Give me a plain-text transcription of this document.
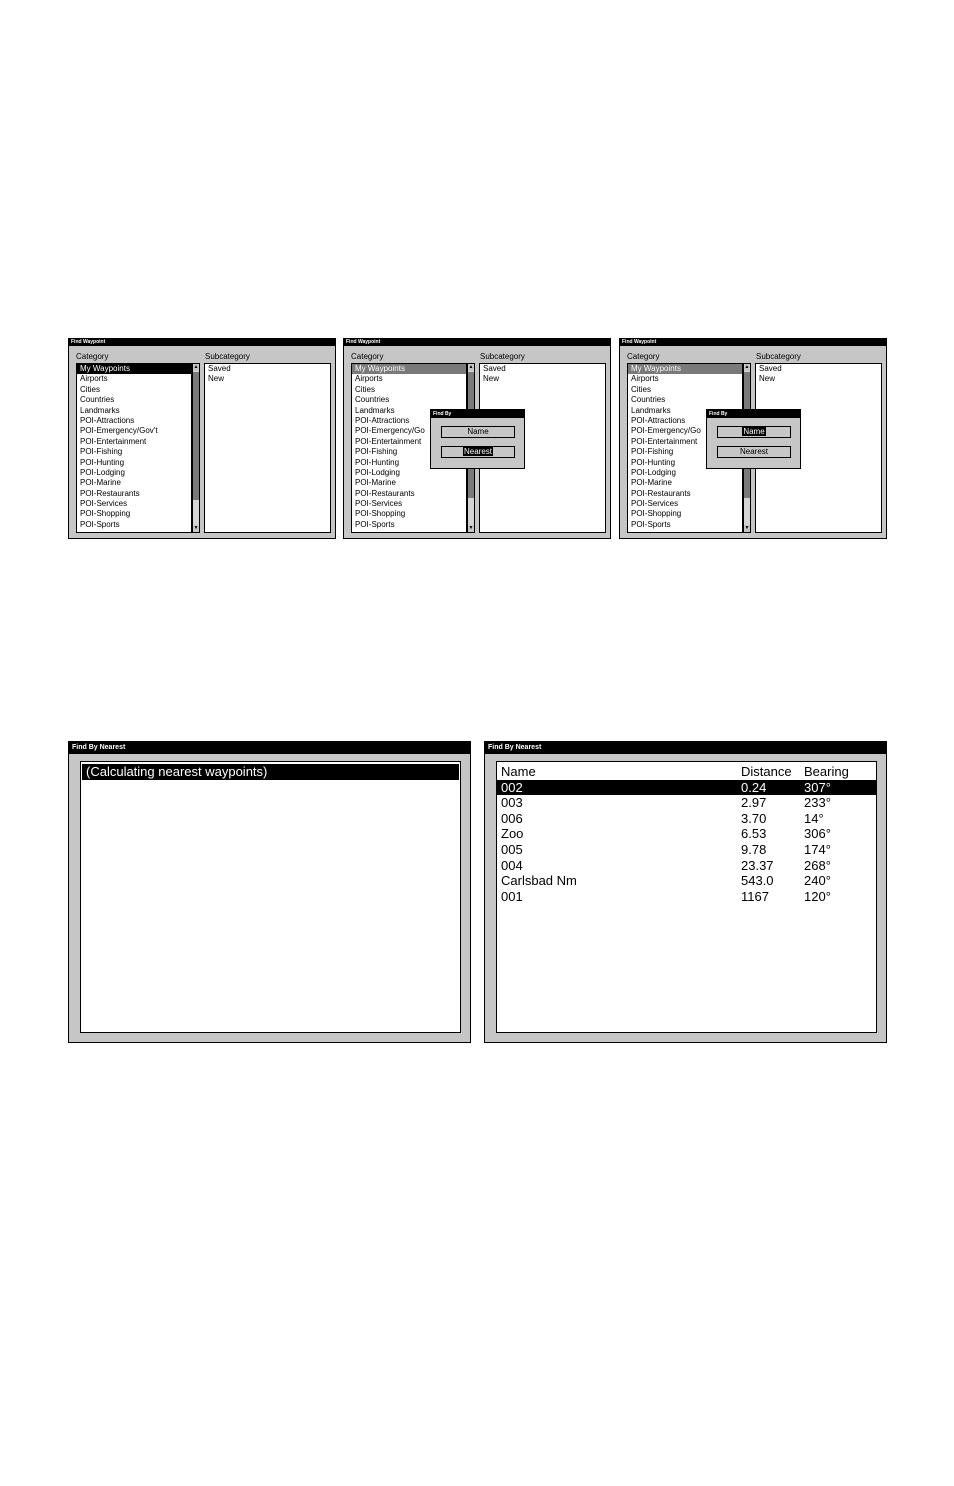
Find Waypoint
Category	Subcategory
My Waypoints
Airports
Cities
Countries
Landmarks
POI-Attractions
POI-Emergency/Gov't
POI-Entertainment
POI-Fishing
POI-Hunting
POI-Lodging
POI-Marine
POI-Restaurants
POI-Services
POI-Shopping
POI-Sports
▲
▼
Saved
New
Find Waypoint
Category	Subcategory
My Waypoints
Airports
Cities
Countries
Landmarks
POI-Attractions
POI-Emergency/Go
POI-Entertainment
POI-Fishing
POI-Hunting
POI-Lodging
POI-Marine
POI-Restaurants
POI-Services
POI-Shopping
POI-Sports
▲
▼
Saved
New
Find By
Name
Nearest
Find Waypoint
Category	Subcategory
My Waypoints
Airports
Cities
Countries
Landmarks
POI-Attractions
POI-Emergency/Go
POI-Entertainment
POI-Fishing
POI-Hunting
POI-Lodging
POI-Marine
POI-Restaurants
POI-Services
POI-Shopping
POI-Sports
▲
▼
Saved
New
Find By
Name
Nearest
Find By Nearest
(Calculating nearest waypoints)
Find By Nearest
Name	Distance Bearing
002	0.24	307°
003	2.97	233°
006	3.70	14°
Zoo	6.53	306°
005	9.78	174°
004	23.37 268°
Carlsbad Nm	543.0 240°
001	1167	120°
